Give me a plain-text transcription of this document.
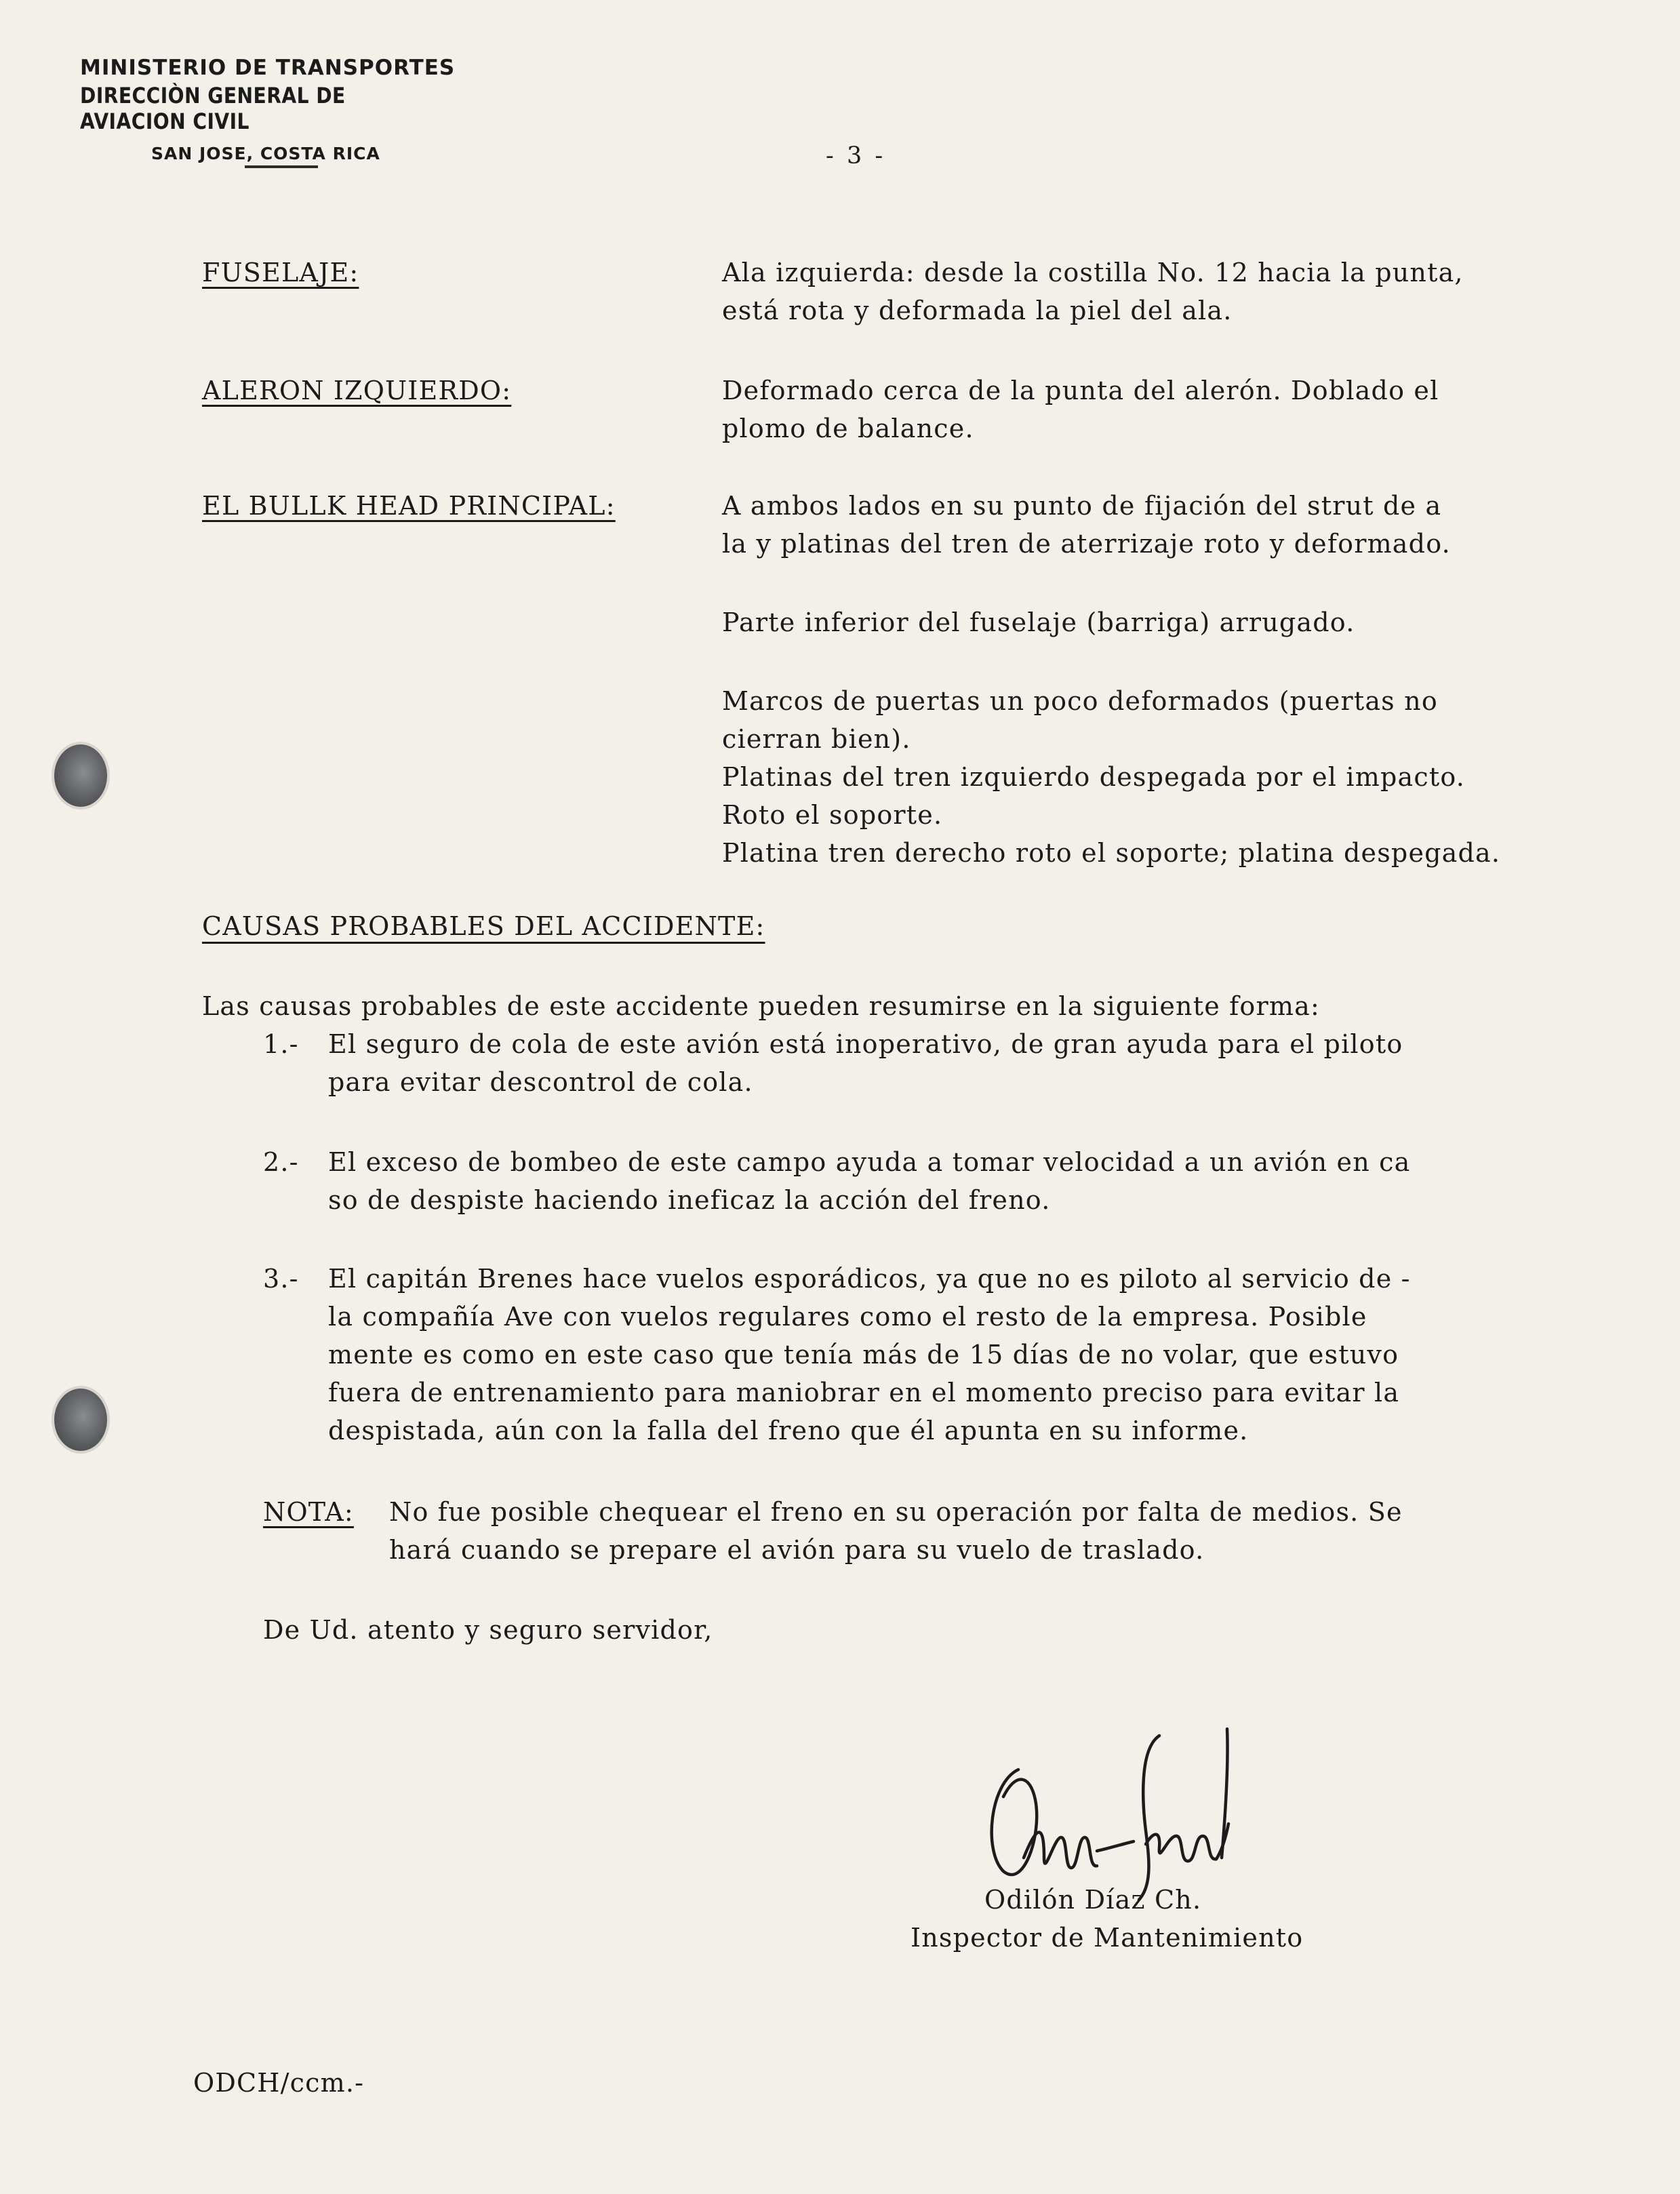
MINISTERIO DE TRANSPORTES
DIRECCIÒN GENERAL DE AVIACION CIVIL
SAN JOSE, COSTA RICA	- 3 -
FUSELAJE:	Ala izquierda: desde la costilla No. 12 hacia la punta,
está rota y deformada la piel del ala.
ALERON IZQUIERDO:	Deformado cerca de la punta del alerón. Doblado el
plomo de balance.
EL BULLK HEAD PRINCIPAL:	A ambos lados en su punto de fijación del strut de a
la y platinas del tren de aterrizaje roto y deformado.
Parte inferior del fuselaje (barriga) arrugado.
Marcos de puertas un poco deformados (puertas no
cierran bien).
Platinas del tren izquierdo despegada por el impacto.
Roto el soporte.
Platina tren derecho roto el soporte; platina despegada.
CAUSAS PROBABLES DEL ACCIDENTE:
Las causas probables de este accidente pueden resumirse en la siguiente forma:
1.- El seguro de cola de este avión está inoperativo, de gran ayuda para el piloto
para evitar descontrol de cola.
2.- El exceso de bombeo de este campo ayuda a tomar velocidad a un avión en ca
so de despiste haciendo ineficaz la acción del freno.
3.- El capitán Brenes hace vuelos esporádicos, ya que no es piloto al servicio de -
la compañía Ave con vuelos regulares como el resto de la empresa. Posible
mente es como en este caso que tenía más de 15 días de no volar, que estuvo
fuera de entrenamiento para maniobrar en el momento preciso para evitar la
despistada, aún con la falla del freno que él apunta en su informe.
NOTA: No fue posible chequear el freno en su operación por falta de medios. Se
hará cuando se prepare el avión para su vuelo de traslado.
De Ud. atento y seguro servidor,
Odilón Díaz Ch.
Inspector de Mantenimiento
ODCH/ccm.-
